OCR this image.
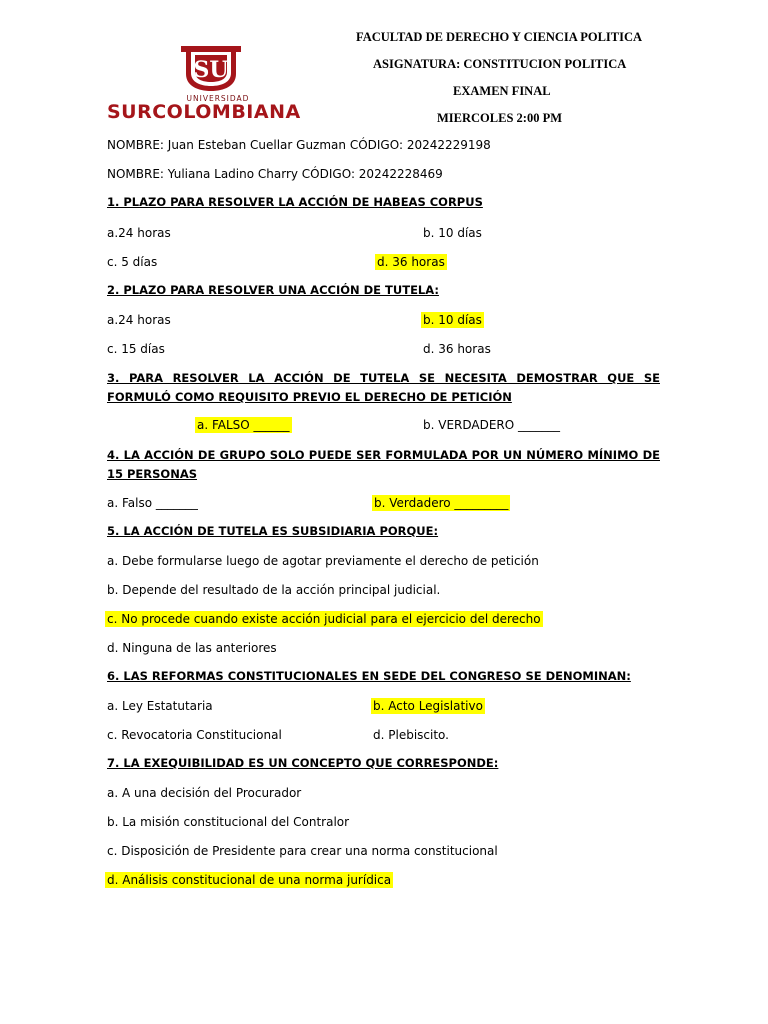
SU
UNIVERSIDAD
SURCOLOMBIANA
FACULTAD DE DERECHO Y CIENCIA POLITICA
ASIGNATURA: CONSTITUCION POLITICA
EXAMEN FINAL
MIERCOLES 2:00 PM
NOMBRE: Juan Esteban Cuellar Guzman CÓDIGO: 20242229198
NOMBRE: Yuliana Ladino Charry CÓDIGO: 20242228469
1. PLAZO PARA RESOLVER LA ACCIÓN DE HABEAS CORPUS
a.24 horas	b. 10 días
c. 5 días	d. 36 horas
2. PLAZO PARA RESOLVER UNA ACCIÓN DE TUTELA:
a.24 horas	b. 10 días
c. 15 días	d. 36 horas
3. PARA RESOLVER LA ACCIÓN DE TUTELA SE NECESITA DEMOSTRAR QUE SE FORMULÓ COMO REQUISITO PREVIO EL DERECHO DE PETICIÓN
a. FALSO ______	b. VERDADERO _______
4. LA ACCIÓN DE GRUPO SOLO PUEDE SER FORMULADA POR UN NÚMERO MÍNIMO DE 15 PERSONAS
a. Falso _______	b. Verdadero _________
5. LA ACCIÓN DE TUTELA ES SUBSIDIARIA PORQUE:
a. Debe formularse luego de agotar previamente el derecho de petición
b. Depende del resultado de la acción principal judicial.
c. No procede cuando existe acción judicial para el ejercicio del derecho
d. Ninguna de las anteriores
6. LAS REFORMAS CONSTITUCIONALES EN SEDE DEL CONGRESO SE DENOMINAN:
a. Ley Estatutaria	b. Acto Legislativo
c. Revocatoria Constitucional	d. Plebiscito.
7. LA EXEQUIBILIDAD ES UN CONCEPTO QUE CORRESPONDE:
a. A una decisión del Procurador
b. La misión constitucional del Contralor
c. Disposición de Presidente para crear una norma constitucional
d. Análisis constitucional de una norma jurídica
